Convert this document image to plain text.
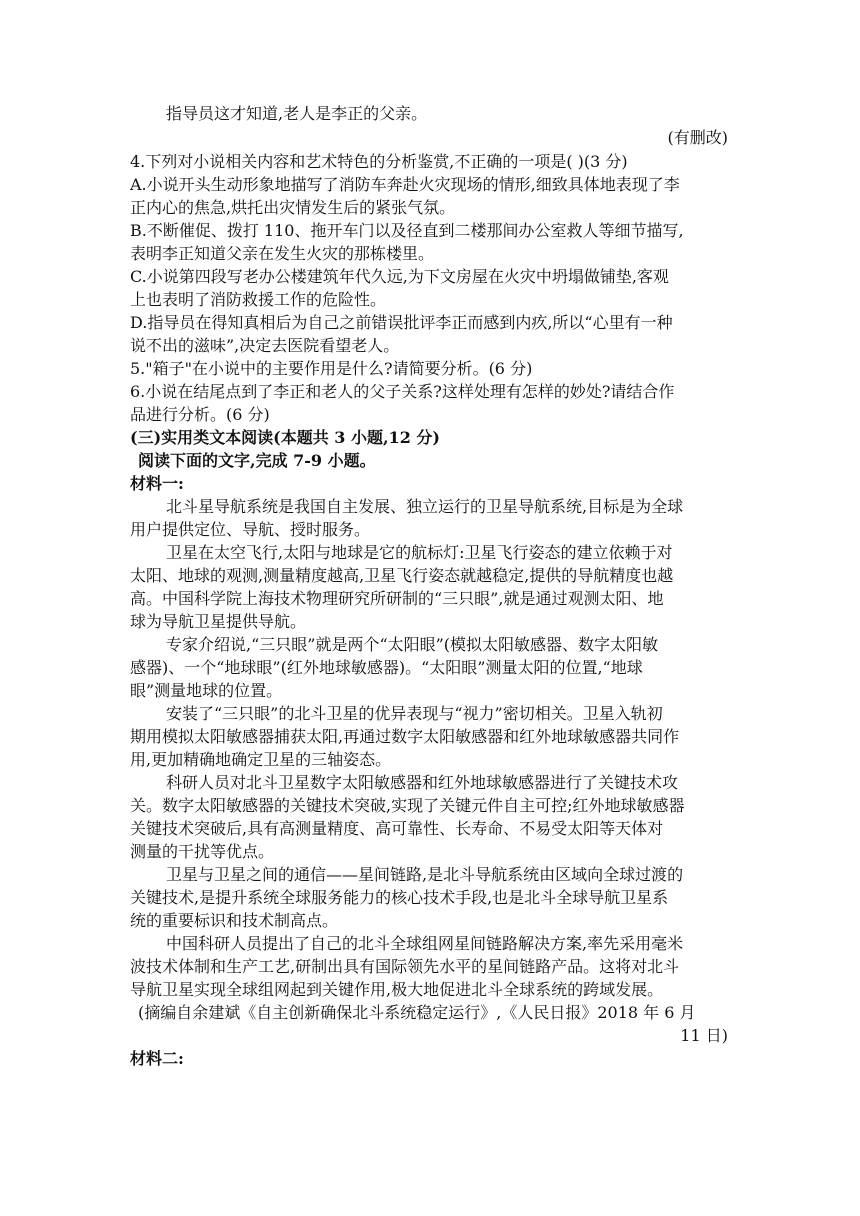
指导员这才知道,老人是李正的父亲。
(有删改)
4.下列对小说相关内容和艺术特色的分析鉴赏,不正确的一项是( )(3 分)
A.小说开头生动形象地描写了消防车奔赴火灾现场的情形,细致具体地表现了李
正内心的焦急,烘托出灾情发生后的紧张气氛。
B.不断催促、拨打 110、拖开车门以及径直到二楼那间办公室救人等细节描写,
表明李正知道父亲在发生火灾的那栋楼里。
C.小说第四段写老办公楼建筑年代久远,为下文房屋在火灾中坍塌做铺垫,客观
上也表明了消防救援工作的危险性。
D.指导员在得知真相后为自己之前错误批评李正而感到内疚,所以“心里有一种
说不出的滋味”,决定去医院看望老人。
5."箱子"在小说中的主要作用是什么?请简要分析。(6 分)
6.小说在结尾点到了李正和老人的父子关系?这样处理有怎样的妙处?请结合作
品进行分析。(6 分)
(三)实用类文本阅读(本题共 3 小题,12 分)
阅读下面的文字,完成 7-9 小题。
材料一:
北斗星导航系统是我国自主发展、独立运行的卫星导航系统,目标是为全球
用户提供定位、导航、授时服务。
卫星在太空飞行,太阳与地球是它的航标灯:卫星飞行姿态的建立依赖于对
太阳、地球的观测,测量精度越高,卫星飞行姿态就越稳定,提供的导航精度也越
高。中国科学院上海技术物理研究所研制的“三只眼”,就是通过观测太阳、地
球为导航卫星提供导航。
专家介绍说,“三只眼”就是两个“太阳眼”(模拟太阳敏感器、数字太阳敏
感器)、一个“地球眼”(红外地球敏感器)。“太阳眼”测量太阳的位置,“地球
眼”测量地球的位置。
安装了“三只眼”的北斗卫星的优异表现与“视力”密切相关。卫星入轨初
期用模拟太阳敏感器捕获太阳,再通过数字太阳敏感器和红外地球敏感器共同作
用,更加精确地确定卫星的三轴姿态。
科研人员对北斗卫星数字太阳敏感器和红外地球敏感器进行了关键技术攻
关。数字太阳敏感器的关键技术突破,实现了关键元件自主可控;红外地球敏感器
关键技术突破后,具有高测量精度、高可靠性、长寿命、不易受太阳等天体对
测量的干扰等优点。
卫星与卫星之间的通信——星间链路,是北斗导航系统由区域向全球过渡的
关键技术,是提升系统全球服务能力的核心技术手段,也是北斗全球导航卫星系
统的重要标识和技术制高点。
中国科研人员提出了自己的北斗全球组网星间链路解决方案,率先采用毫米
波技术体制和生产工艺,研制出具有国际领先水平的星间链路产品。这将对北斗
导航卫星实现全球组网起到关键作用,极大地促进北斗全球系统的跨域发展。
(摘编自余建斌《自主创新确保北斗系统稳定运行》,《人民日报》2018 年 6 月
11 日)
材料二:
